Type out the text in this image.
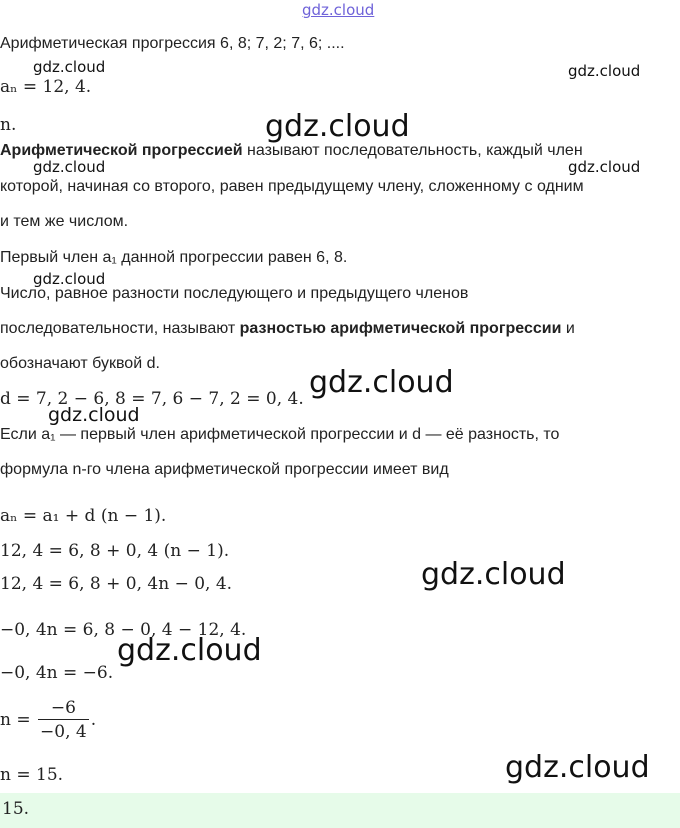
gdz.cloud
Арифметическая прогрессия 6, 8; 7, 2; 7, 6; ....
aₙ = 12, 4.
n.
Арифметической прогрессией называют последовательность, каждый член
которой, начиная со второго, равен предыдущему члену, сложенному с одним
и тем же числом.
Первый член a₁ данной прогрессии равен 6, 8.
Число, равное разности последующего и предыдущего членов
последовательности, называют разностью арифметической прогрессии и
обозначают буквой d.
d = 7, 2 − 6, 8 = 7, 6 − 7, 2 = 0, 4.
Если a₁ — первый член арифметической прогрессии и d — её разность, то
формула n-го члена арифметической прогрессии имеет вид
aₙ = a₁ + d (n − 1).
12, 4 = 6, 8 + 0, 4 (n − 1).
12, 4 = 6, 8 + 0, 4n − 0, 4.
−0, 4n = 6, 8 − 0, 4 − 12, 4.
−0, 4n = −6.
$n = \frac{-6}{-0, 4}$ .
n = 15.
15.
gdz.cloud	gdz.cloud
gdz.cloud	gdz.cloud
gdz.cloud
gdz.cloud
gdz.cloud
gdz.cloud
gdz.cloud
gdz.cloud
gdz.cloud
